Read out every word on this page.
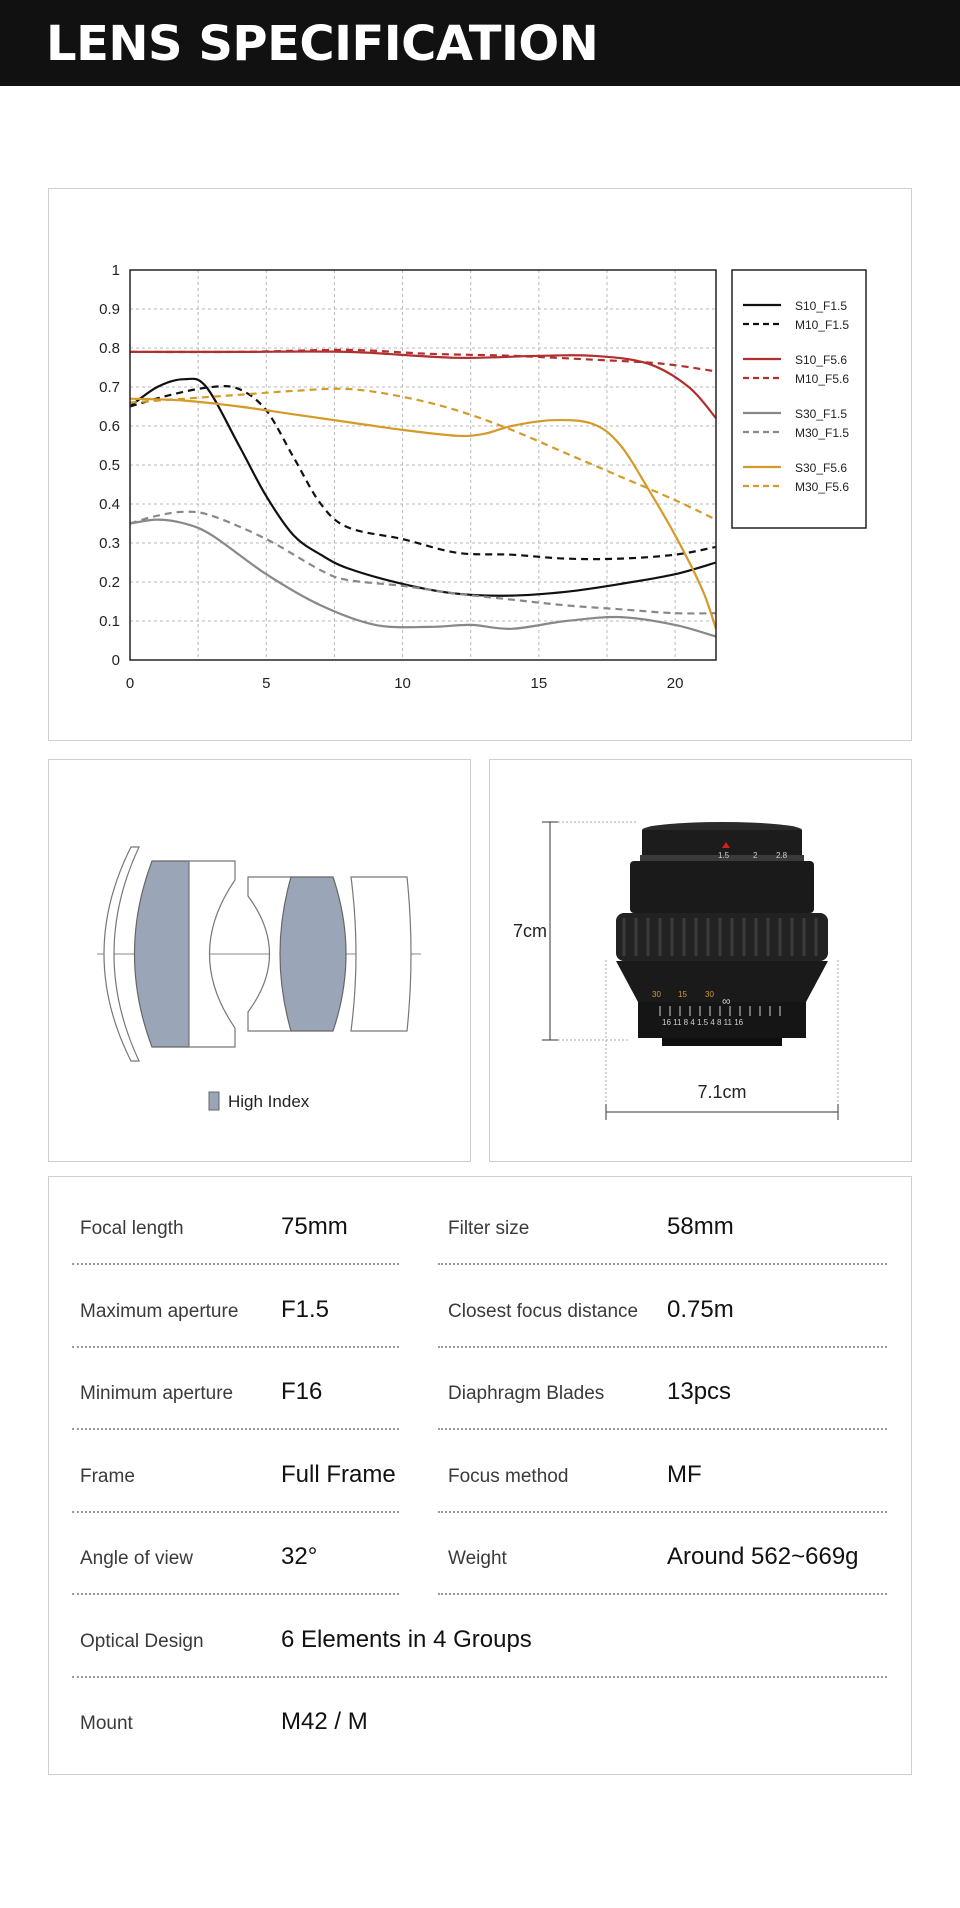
LENS SPECIFICATION
0
0.1
0.2
0.3
0.4
0.5
0.6
0.7
0.8
0.9
1
0	5	10	15	20
S10_F1.5
M10_F1.5
S10_F5.6
M10_F5.6
S30_F1.5
M30_F1.5
S30_F5.6
M30_F5.6
High Index
7cm
1.5	2 2.8
30 15 30 ∞
16 11 8 4 1.5 4 8 11 16
7.1cm
Focal length	75mm	Filter size	58mm
Maximum aperture F1.5	Closest focus distance 0.75m
Minimum aperture F16	Diaphragm Blades	13pcs
Frame	Full Frame	Focus method	MF
Angle of view	32°	Weight	Around 562~669g
Optical Design	6 Elements in 4 Groups
Mount	M42 / M
